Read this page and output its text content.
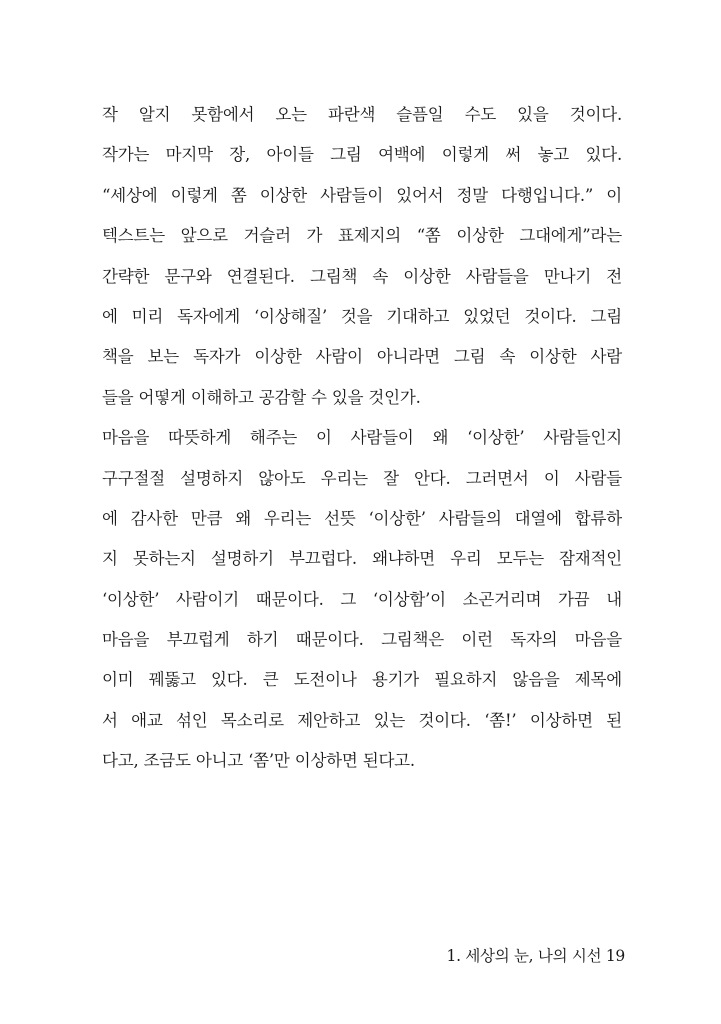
작 알지 못함에서 오는 파란색 슬픔일 수도 있을 것이다.
작가는 마지막 장, 아이들 그림 여백에 이렇게 써 놓고 있다.
“세상에 이렇게 쫌 이상한 사람들이 있어서 정말 다행입니다.” 이
텍스트는 앞으로 거슬러 가 표제지의 “쫌 이상한 그대에게”라는
간략한 문구와 연결된다. 그림책 속 이상한 사람들을 만나기 전
에 미리 독자에게 ‘이상해질’ 것을 기대하고 있었던 것이다. 그림
책을 보는 독자가 이상한 사람이 아니라면 그림 속 이상한 사람
들을 어떻게 이해하고 공감할 수 있을 것인가.
마음을 따뜻하게 해주는 이 사람들이 왜 ‘이상한’ 사람들인지
구구절절 설명하지 않아도 우리는 잘 안다. 그러면서 이 사람들
에 감사한 만큼 왜 우리는 선뜻 ‘이상한’ 사람들의 대열에 합류하
지 못하는지 설명하기 부끄럽다. 왜냐하면 우리 모두는 잠재적인
‘이상한’ 사람이기 때문이다. 그 ‘이상함’이 소곤거리며 가끔 내
마음을 부끄럽게 하기 때문이다. 그림책은 이런 독자의 마음을
이미 꿰뚫고 있다. 큰 도전이나 용기가 필요하지 않음을 제목에
서 애교 섞인 목소리로 제안하고 있는 것이다. ‘쫌!’ 이상하면 된
다고, 조금도 아니고 ‘쫌’만 이상하면 된다고.
1. 세상의 눈, 나의 시선 19
